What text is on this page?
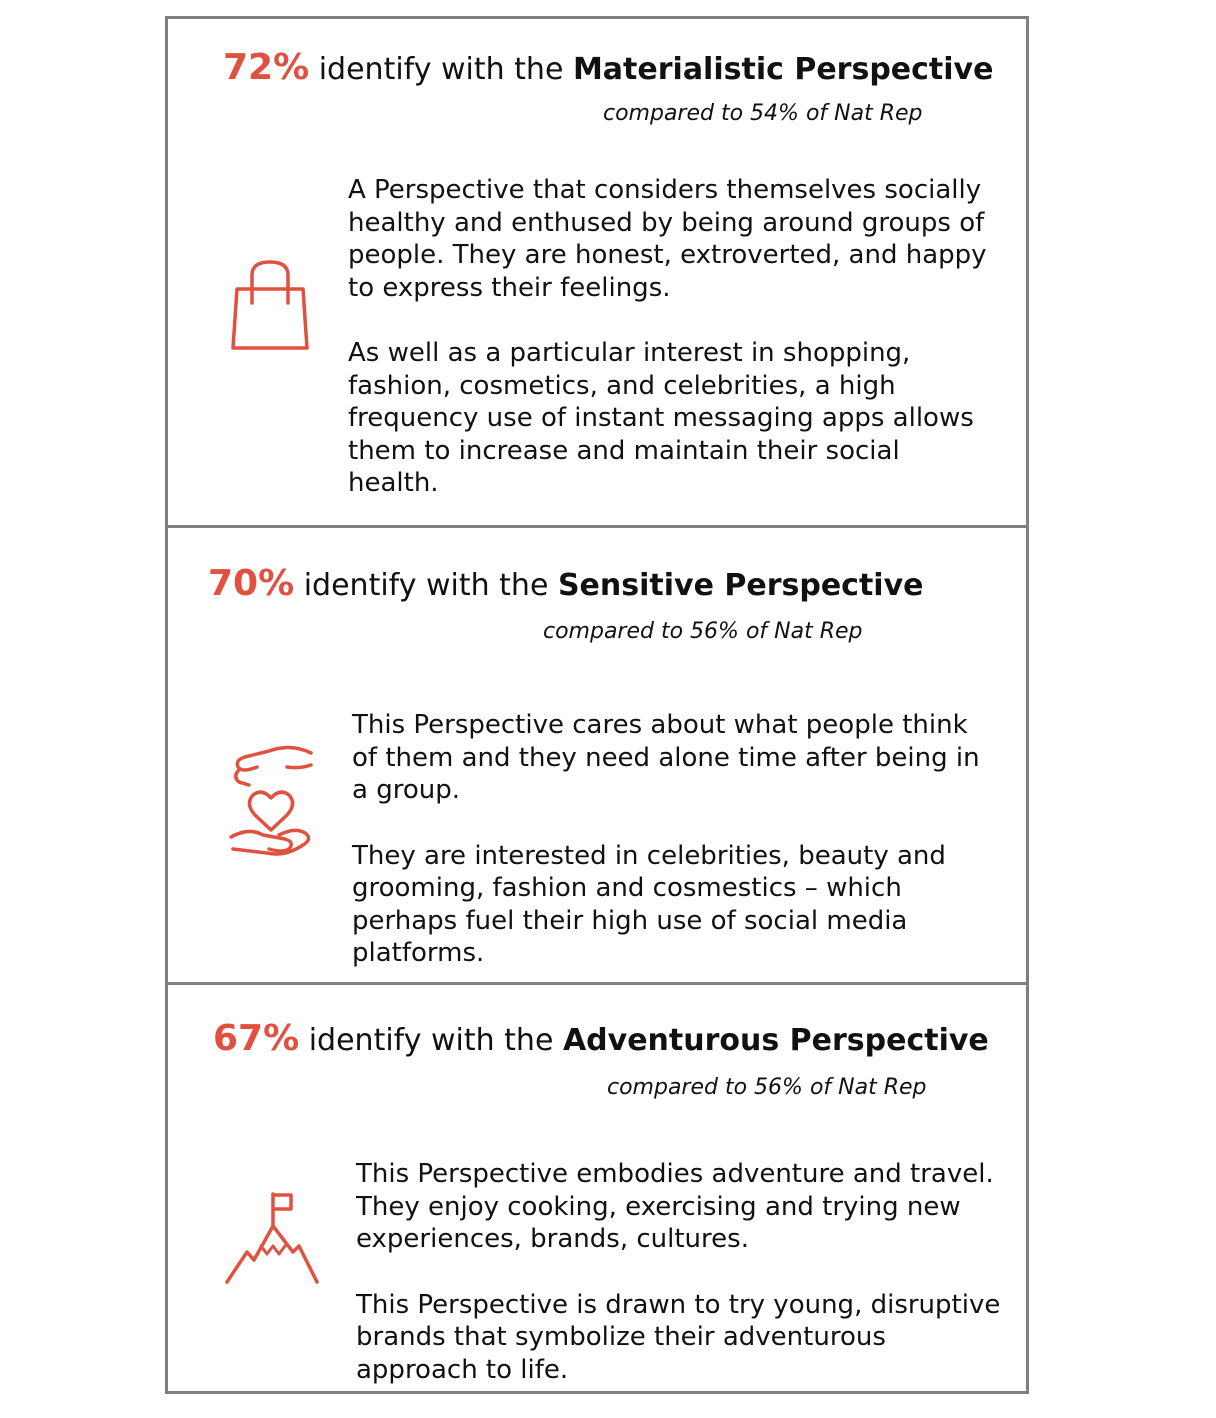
72% identify with the Materialistic Perspective
compared to 54% of Nat Rep

A Perspective that considers themselves socially healthy and enthused by being around groups of people. They are honest, extroverted, and happy to express their feelings.

As well as a particular interest in shopping, fashion, cosmetics, and celebrities, a high frequency use of instant messaging apps allows them to increase and maintain their social health.

70% identify with the Sensitive Perspective
compared to 56% of Nat Rep

This Perspective cares about what people think of them and they need alone time after being in a group.

They are interested in celebrities, beauty and grooming, fashion and cosmestics – which perhaps fuel their high use of social media platforms.

67% identify with the Adventurous Perspective
compared to 56% of Nat Rep

This Perspective embodies adventure and travel. They enjoy cooking, exercising and trying new experiences, brands, cultures.

This Perspective is drawn to try young, disruptive brands that symbolize their adventurous approach to life.
